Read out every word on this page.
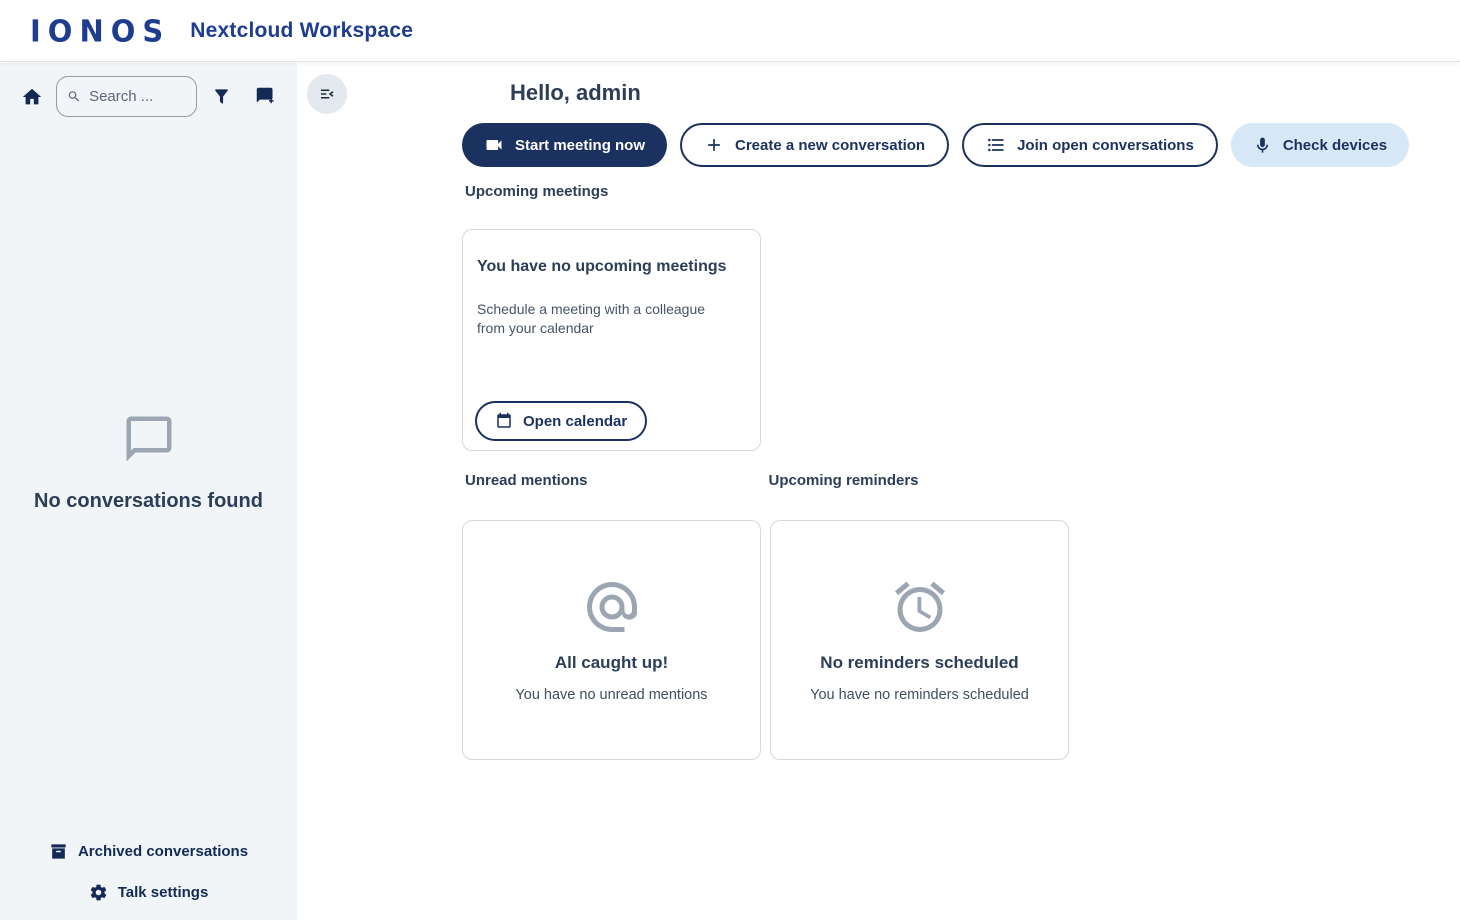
IONOS Nextcloud Workspace
Search ...
No conversations found
Archived conversations
Talk settings
Hello, admin
Start meeting now	Create a new conversation	Join open conversations	Check devices
Upcoming meetings
You have no upcoming meetings

Schedule a meeting with a colleague from your calendar

Open calendar
Unread mentions	Upcoming reminders
All caught up!

You have no unread mentions

No reminders scheduled

You have no reminders scheduled
